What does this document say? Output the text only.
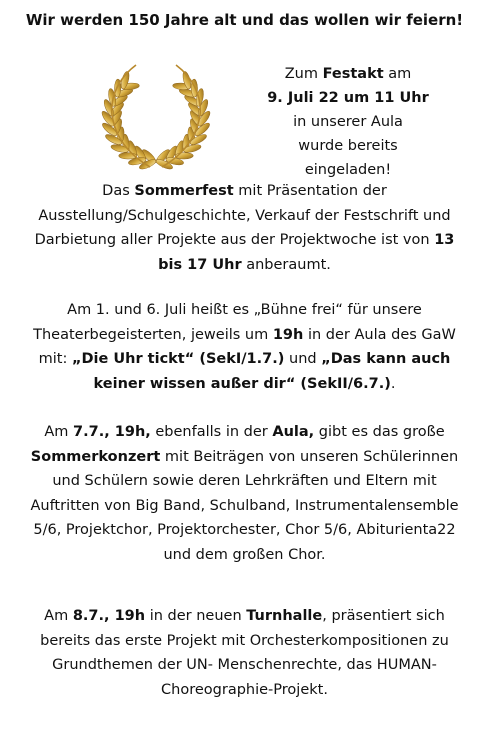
Wir werden 150 Jahre alt und das wollen wir feiern!
Zum Festakt am
9. Juli 22 um 11 Uhr
in unserer Aula
wurde bereits
eingeladen!
Das Sommerfest mit Präsentation der Ausstellung/Schulgeschichte, Verkauf der Festschrift und Darbietung aller Projekte aus der Projektwoche ist von 13 bis 17 Uhr anberaumt.
Am 1. und 6. Juli heißt es „Bühne frei“ für unsere Theaterbegeisterten, jeweils um 19h in der Aula des GaW mit: „Die Uhr tickt“ (SekI/1.7.) und „Das kann auch keiner wissen außer dir“ (SekII/6.7.).
Am 7.7., 19h, ebenfalls in der Aula, gibt es das große Sommerkonzert mit Beiträgen von unseren Schülerinnen und Schülern sowie deren Lehrkräften und Eltern mit Auftritten von Big Band, Schulband, Instrumentalensemble 5/6, Projektchor, Projektorchester, Chor 5/6, Abiturienta22 und dem großen Chor.
Am 8.7., 19h in der neuen Turnhalle, präsentiert sich bereits das erste Projekt mit Orchesterkompositionen zu Grundthemen der UN- Menschenrechte, das HUMAN-Choreographie-Projekt.
